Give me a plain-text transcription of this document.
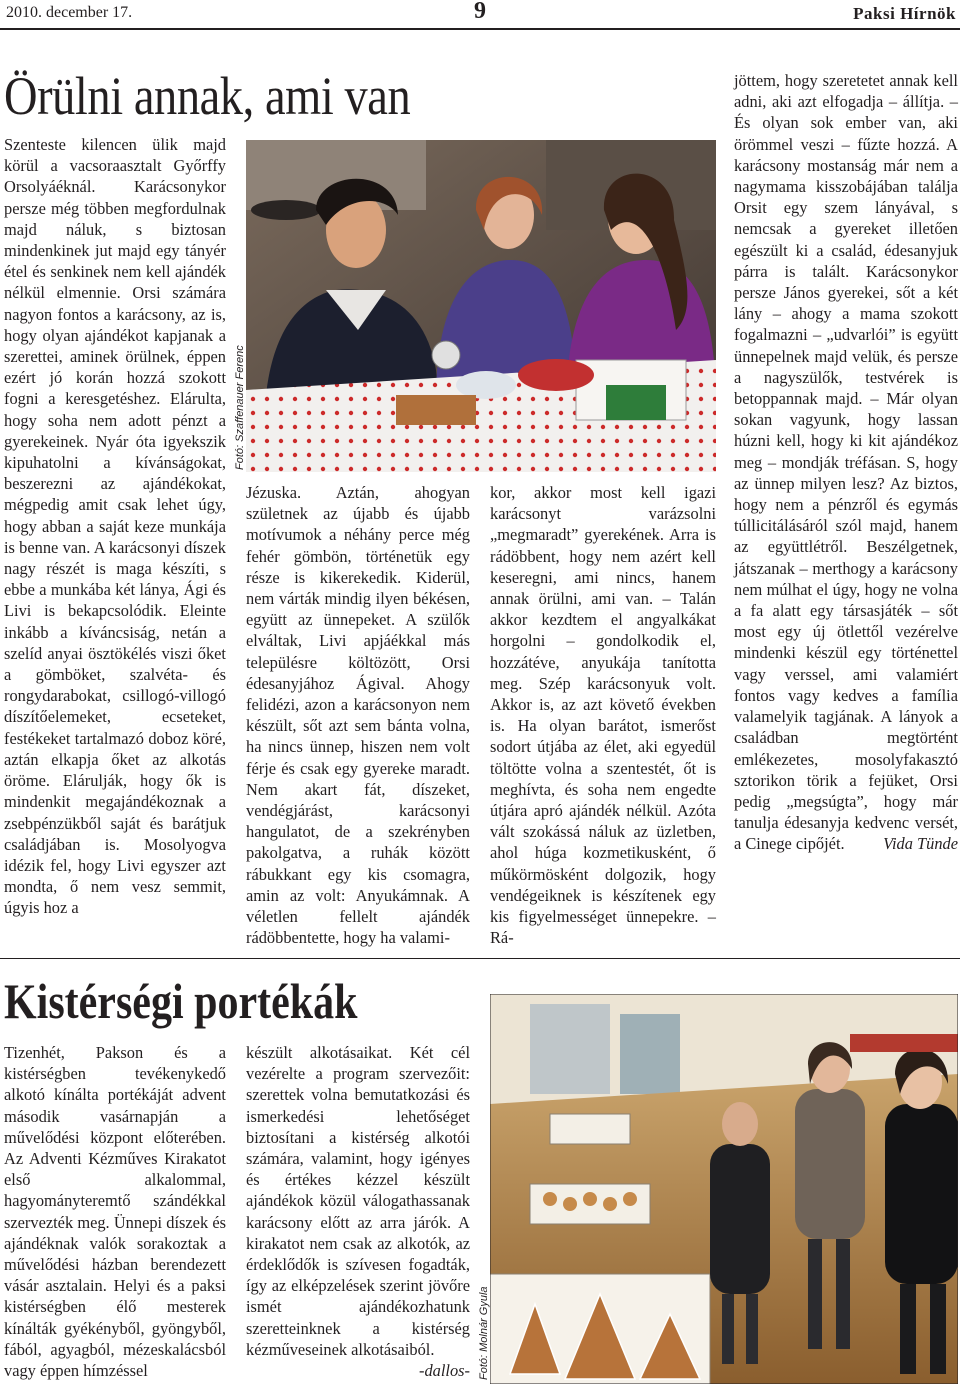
2010. december 17.	9	Paksi Hírnök
Örülni annak, ami van

Szenteste kilencen ülik majd körül a vacsoraasztalt Győrffy Orsolyáéknál. Karácsonykor persze még többen megfordulnak majd náluk, s biztosan mindenkinek jut majd egy tányér étel és senkinek nem kell ajándék nélkül elmennie. Orsi számára nagyon fontos a karácsony, az is, hogy olyan ajándékot kapjanak a szerettei, aminek örülnek, éppen ezért jó korán hozzá szokott fogni a keresgetéshez. Elárulta, hogy soha nem adott pénzt a gyerekeinek. Nyár óta igyekszik kipuhatolni a kívánságokat, beszerezni az ajándékokat, mégpedig amit csak lehet úgy, hogy abban a saját keze munkája is benne van. A karácsonyi díszek nagy részét is maga készíti, s ebbe a munkába két lánya, Ági és Livi is bekapcsolódik. Eleinte inkább a kíváncsiság, netán a szelíd anyai ösztökélés viszi őket a gömböket, szalvéta- és rongydarabokat, csillogó-villogó díszítőelemeket, ecseteket, festékeket tartalmazó doboz köré, aztán elkapja őket az alkotás öröme. Elárulják, hogy ők is mindenkit megajándékoznak a zsebpénzükből saját és barátjuk családjában is. Mosolyogva idézik fel, hogy Livi egyszer azt mondta, ő nem vesz semmit, úgyis hoz a

Fotó: Szaffenauer Ferenc

Jézuska. Aztán, ahogyan születnek az újabb és újabb motívumok a néhány perce még fehér gömbön, történetük egy része is kikerekedik. Kiderül, nem várták mindig ilyen békésen, együtt az ünnepeket. A szülők elváltak, Livi apjáékkal más településre költözött, Orsi édesanyjához Ágival. Ahogy felidézi, azon a karácsonyon nem készült, sőt azt sem bánta volna, ha nincs ünnep, hiszen nem volt férje és csak egy gyereke maradt. Nem akart fát, díszeket, vendégjárást, karácsonyi hangulatot, de a szekrényben pakolgatva, a ruhák között rábukkant egy kis csomagra, amin az volt: Anyukámnak. A véletlen fellelt ajándék rádöbbentette, hogy ha valami-

kor, akkor most kell igazi karácsonyt varázsolni „megmaradt” gyerekének. Arra is rádöbbent, hogy nem azért kell keseregni, ami nincs, hanem annak örülni, ami van. – Talán akkor kezdtem el angyalkákat horgolni – gondolkodik el, hozzátéve, anyukája tanította meg. Szép karácsonyuk volt. Akkor is, az azt követő években is. Ha olyan barátot, ismerőst sodort útjába az élet, aki egyedül töltötte volna a szentestét, őt is meghívta, és soha nem engedte útjára apró ajándék nélkül. Azóta vált szokássá náluk az üzletben, ahol húga kozmetikusként, ő műkörmösként dolgozik, hogy vendégeiknek is készítenek egy kis figyelmességet ünnepekre. – Rá-

jöttem, hogy szeretetet annak kell adni, aki azt elfogadja – állítja. – És olyan sok ember van, aki örömmel veszi – fűzte hozzá. A karácsony mostanság már nem a nagymama kisszobájában találja Orsit egy szem lányával, s nemcsak a gyereket illetően egészült ki a család, édesanyjuk párra is talált. Karácsonykor persze János gyerekei, sőt a két lány – ahogy a mama szokott fogalmazni – „udvarlói” is együtt ünnepelnek majd velük, és persze a nagyszülők, testvérek is betoppannak majd. – Már olyan sokan vagyunk, hogy lassan húzni kell, hogy ki kit ajándékoz meg – mondják tréfásan. S, hogy az ünnep milyen lesz? Az biztos, hogy nem a pénzről és egymás túllicitálásáról szól majd, hanem az együttlétről. Beszélgetnek, játszanak – merthogy a karácsony nem múlhat el úgy, hogy ne volna a fa alatt egy társasjáték – sőt most egy új ötlettől vezérelve mindenki készül egy történettel vagy verssel, ami valamiért fontos vagy kedves a família valamelyik tagjának. A lányok a családban megtörtént emlékezetes, mosolyfakasztó sztorikon törik a fejüket, Orsi pedig „megsúgta”, hogy már tanulja édesanyja kedvenc versét, a Cinege cipőjét. Vida Tünde

Kistérségi portékák

Tizenhét, Pakson és a kistérségben tevékenykedő alkotó kínálta portékáját advent második vasárnapján a művelődési központ előterében. Az Adventi Kézműves Kirakatot első alkalommal, hagyományteremtő szándékkal szervezték meg. Ünnepi díszek és ajándéknak valók sorakoztak a művelődési házban berendezett vásár asztalain. Helyi és a paksi kistérségben élő mesterek kínálták gyékényből, gyöngyből, fából, agyagból, mézeskalácsból vagy éppen hímzéssel

készült alkotásaikat. Két cél vezérelte a program szervezőit: szerettek volna bemutatkozási és ismerkedési lehetőséget biztosítani a kistérség alkotói számára, valamint, hogy igényes és értékes kézzel készült ajándékok közül válogathassanak karácsony előtt az arra járók. A kirakatot nem csak az alkotók, az érdeklődők is szívesen fogadták, így az elképzelések szerint jövőre ismét ajándékozhatunk szeretteinknek a kistérség kézműveseinek alkotásaiból.
-dallos- Fotó: Molnár Gyula
